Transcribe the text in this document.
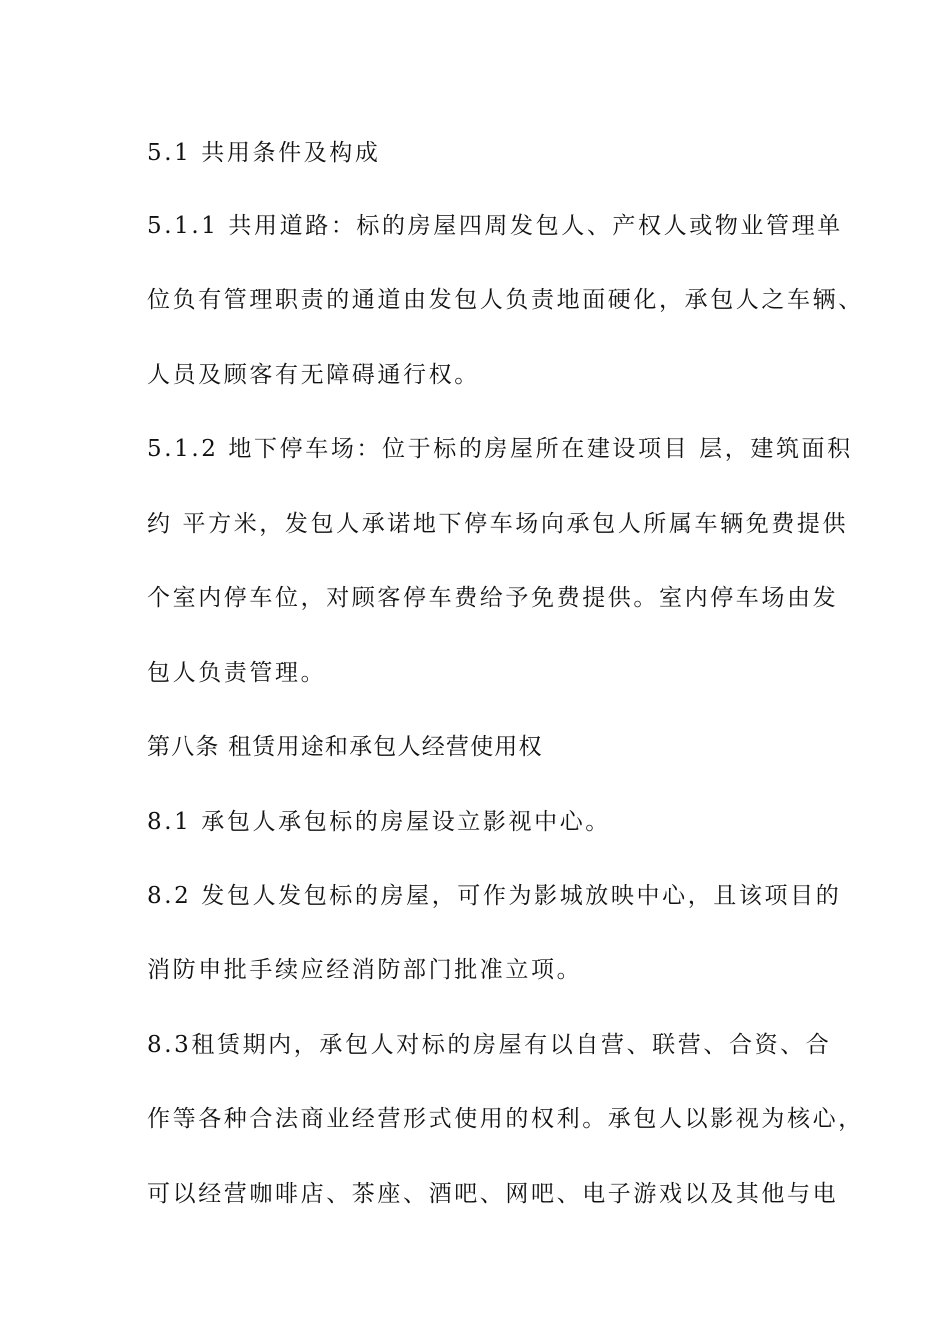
5.1 共用条件及构成
5.1.1 共用道路：标的房屋四周发包人、产权人或物业管理单
位负有管理职责的通道由发包人负责地面硬化，承包人之车辆、
人员及顾客有无障碍通行权。
5.1.2 地下停车场：位于标的房屋所在建设项目 层，建筑面积
约 平方米，发包人承诺地下停车场向承包人所属车辆免费提供
个室内停车位，对顾客停车费给予免费提供。室内停车场由发
包人负责管理。
第八条 租赁用途和承包人经营使用权
8.1 承包人承包标的房屋设立影视中心。
8.2 发包人发包标的房屋，可作为影城放映中心，且该项目的
消防申批手续应经消防部门批准立项。
8.3租赁期内，承包人对标的房屋有以自营、联营、合资、合
作等各种合法商业经营形式使用的权利。承包人以影视为核心，
可以经营咖啡店、茶座、酒吧、网吧、电子游戏以及其他与电
